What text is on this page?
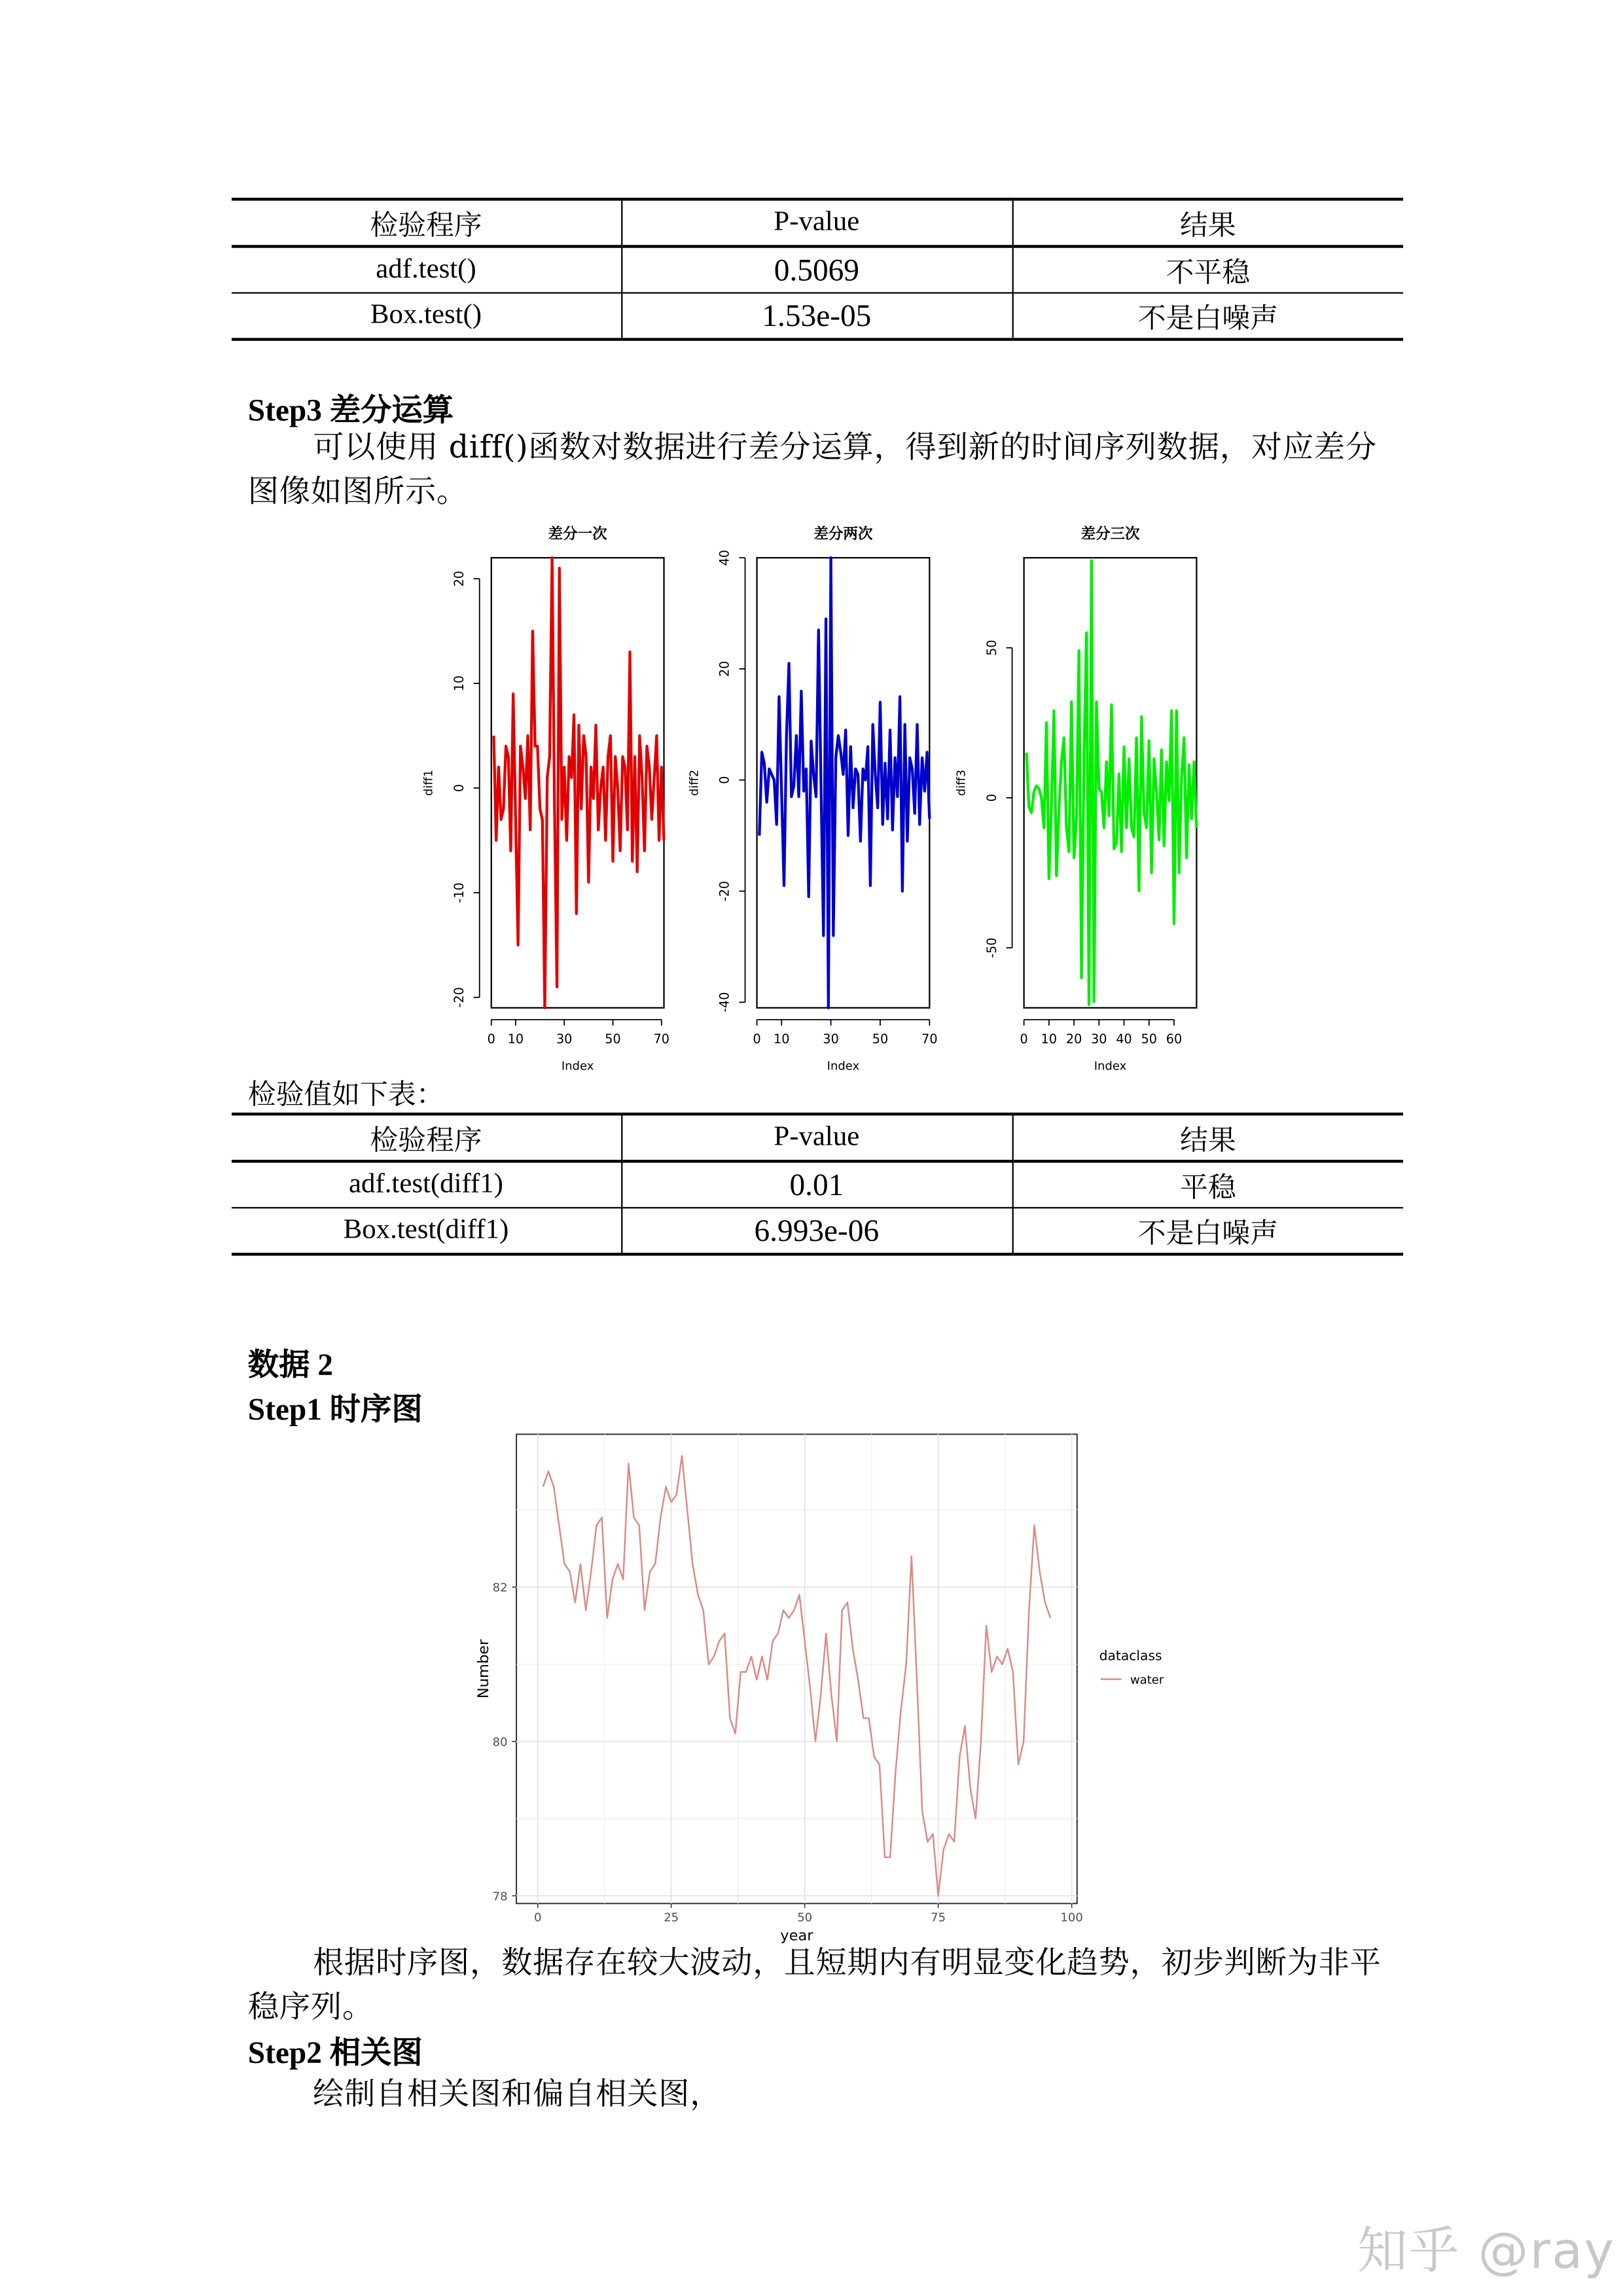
检验程序	P-value	结果
adf.test()	0.5069	不平稳
Box.test()	1.53e-05	不是白噪声
Step3 差分运算
可以使用 diff()函数对数据进行差分运算，得到新的时间序列数据，对应差分图像如图所示。
差分一次
0 10	30	50	70
Index
-20
-10
0
10
20
diff1
差分两次
0 10	30	50	70
Index
-40
-20
0
20
40
diff2
差分三次
0 10 20 30 40 50 60
Index
-50
0
50
diff3
检验值如下表：
检验程序	P-value	结果
adf.test(diff1)	0.01	平稳
Box.test(diff1)	6.993e-06	不是白噪声
数据 2
Step1 时序图
0	25	50	75	100
78
80
82
year
Number	dataclass
water
根据时序图，数据存在较大波动，且短期内有明显变化趋势，初步判断为非平稳序列。
Step2 相关图
绘制自相关图和偏自相关图，
知乎 @ray
